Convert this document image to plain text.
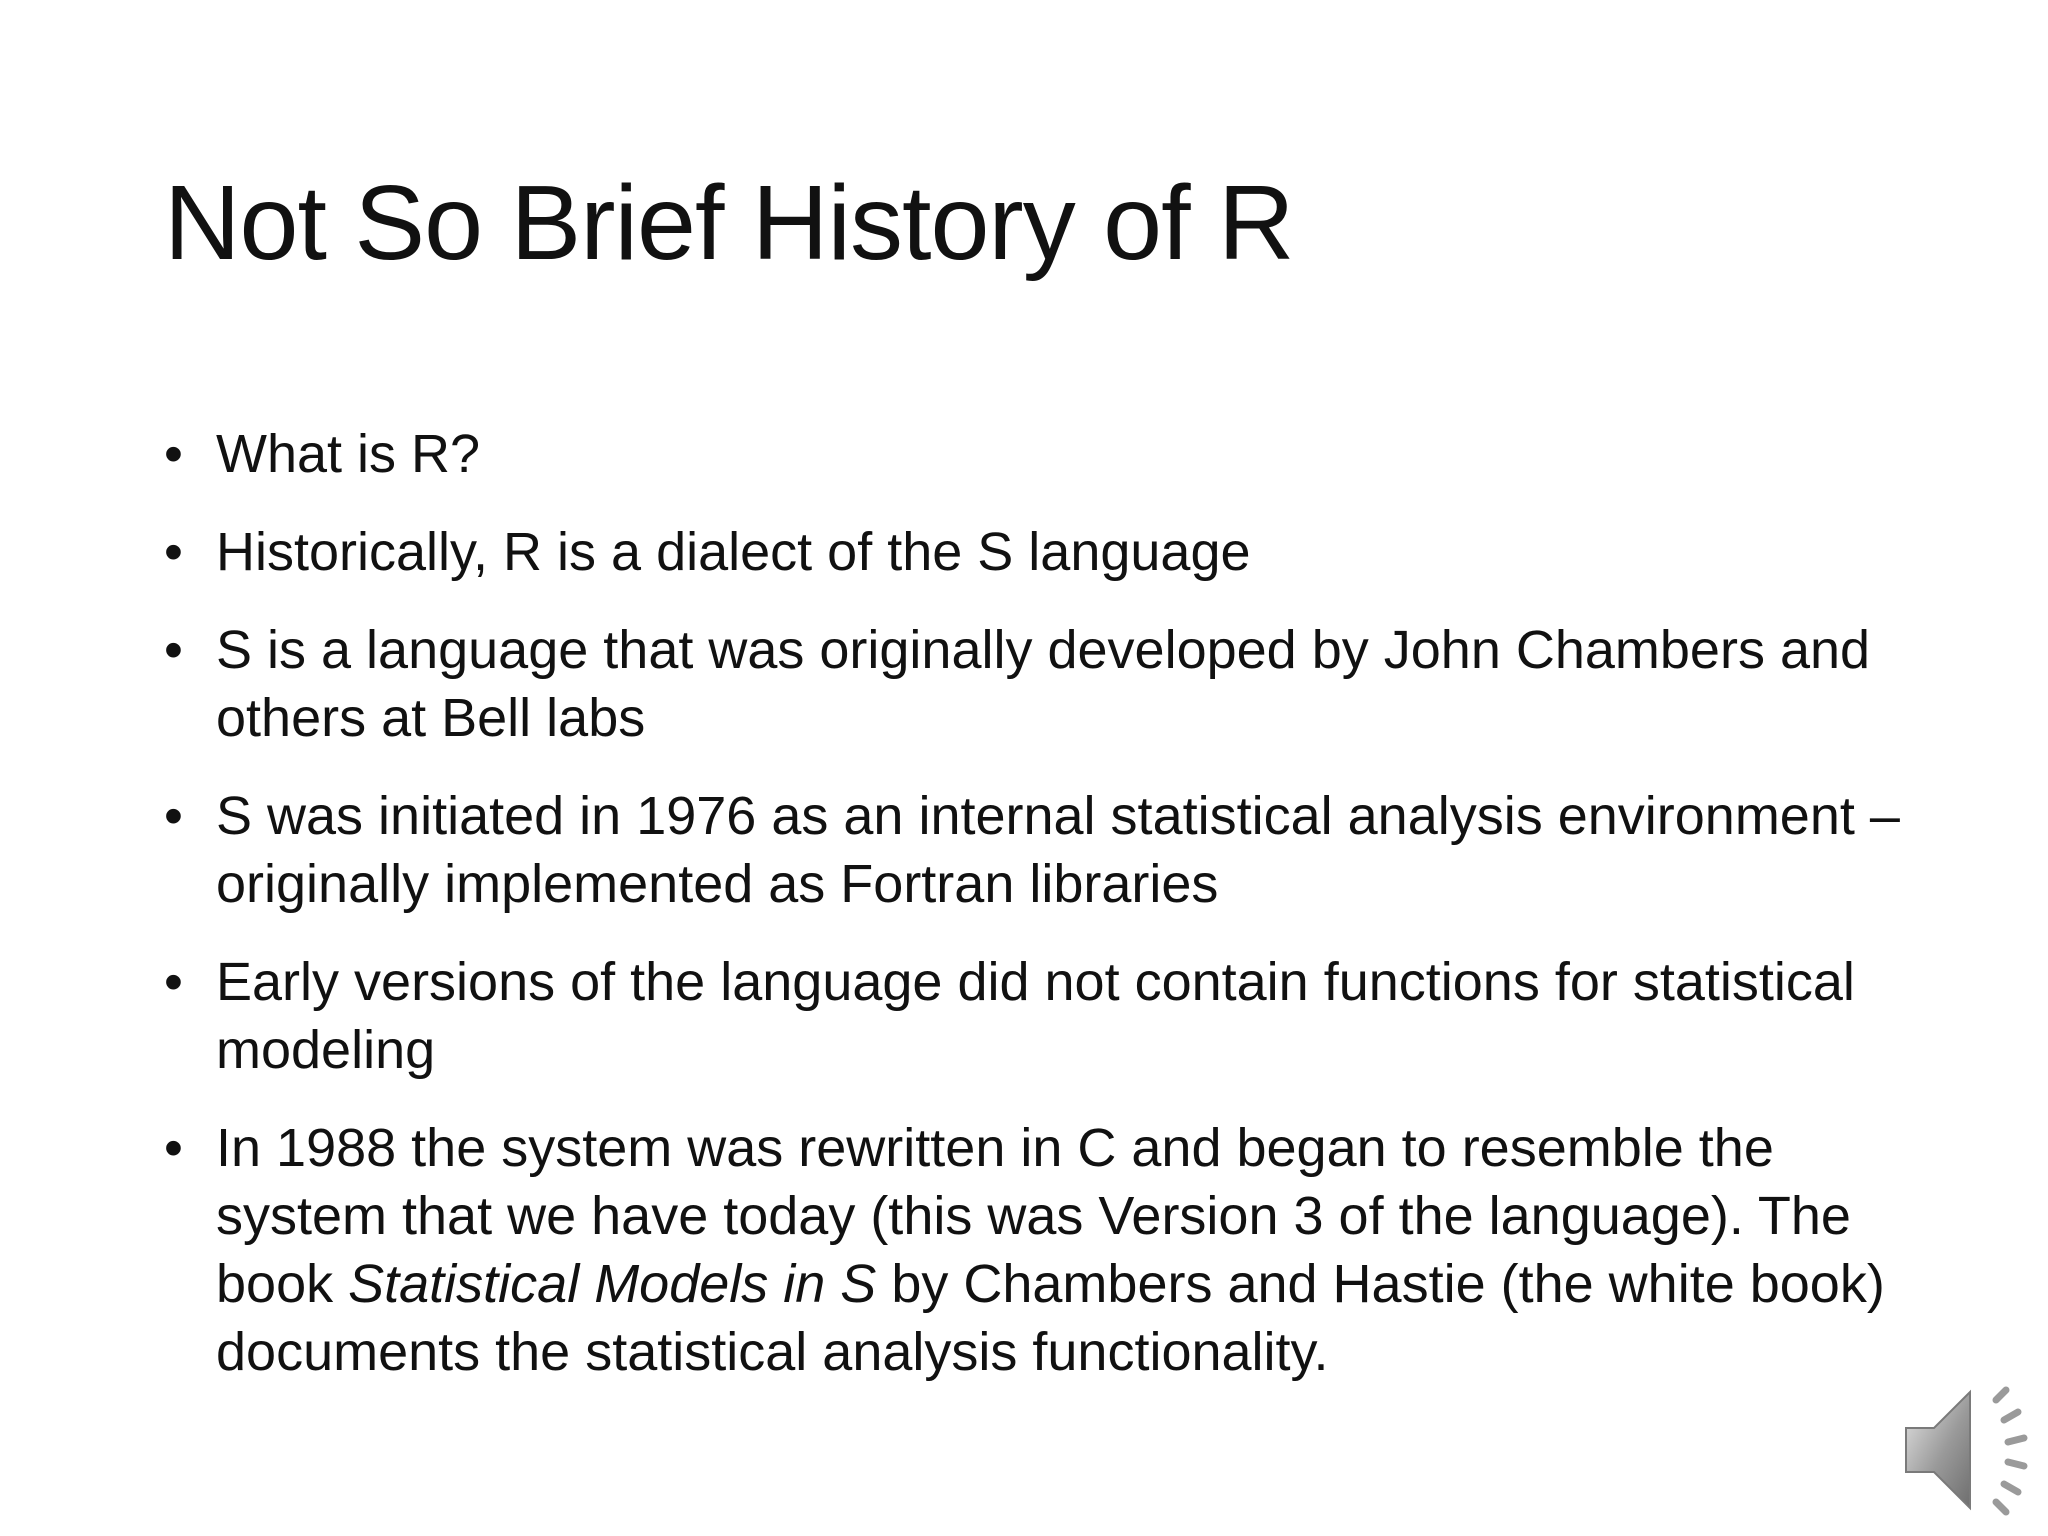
Not So Brief History of R
• What is R?
• Historically, R is a dialect of the S language
• S is a language that was originally developed by John Chambers and others at Bell labs
• S was initiated in 1976 as an internal statistical analysis environment – originally implemented as Fortran libraries
• Early versions of the language did not contain functions for statistical modeling
• In 1988 the system was rewritten in C and began to resemble the system that we have today (this was Version 3 of the language). The book Statistical Models in S by Chambers and Hastie (the white book) documents the statistical analysis functionality.
